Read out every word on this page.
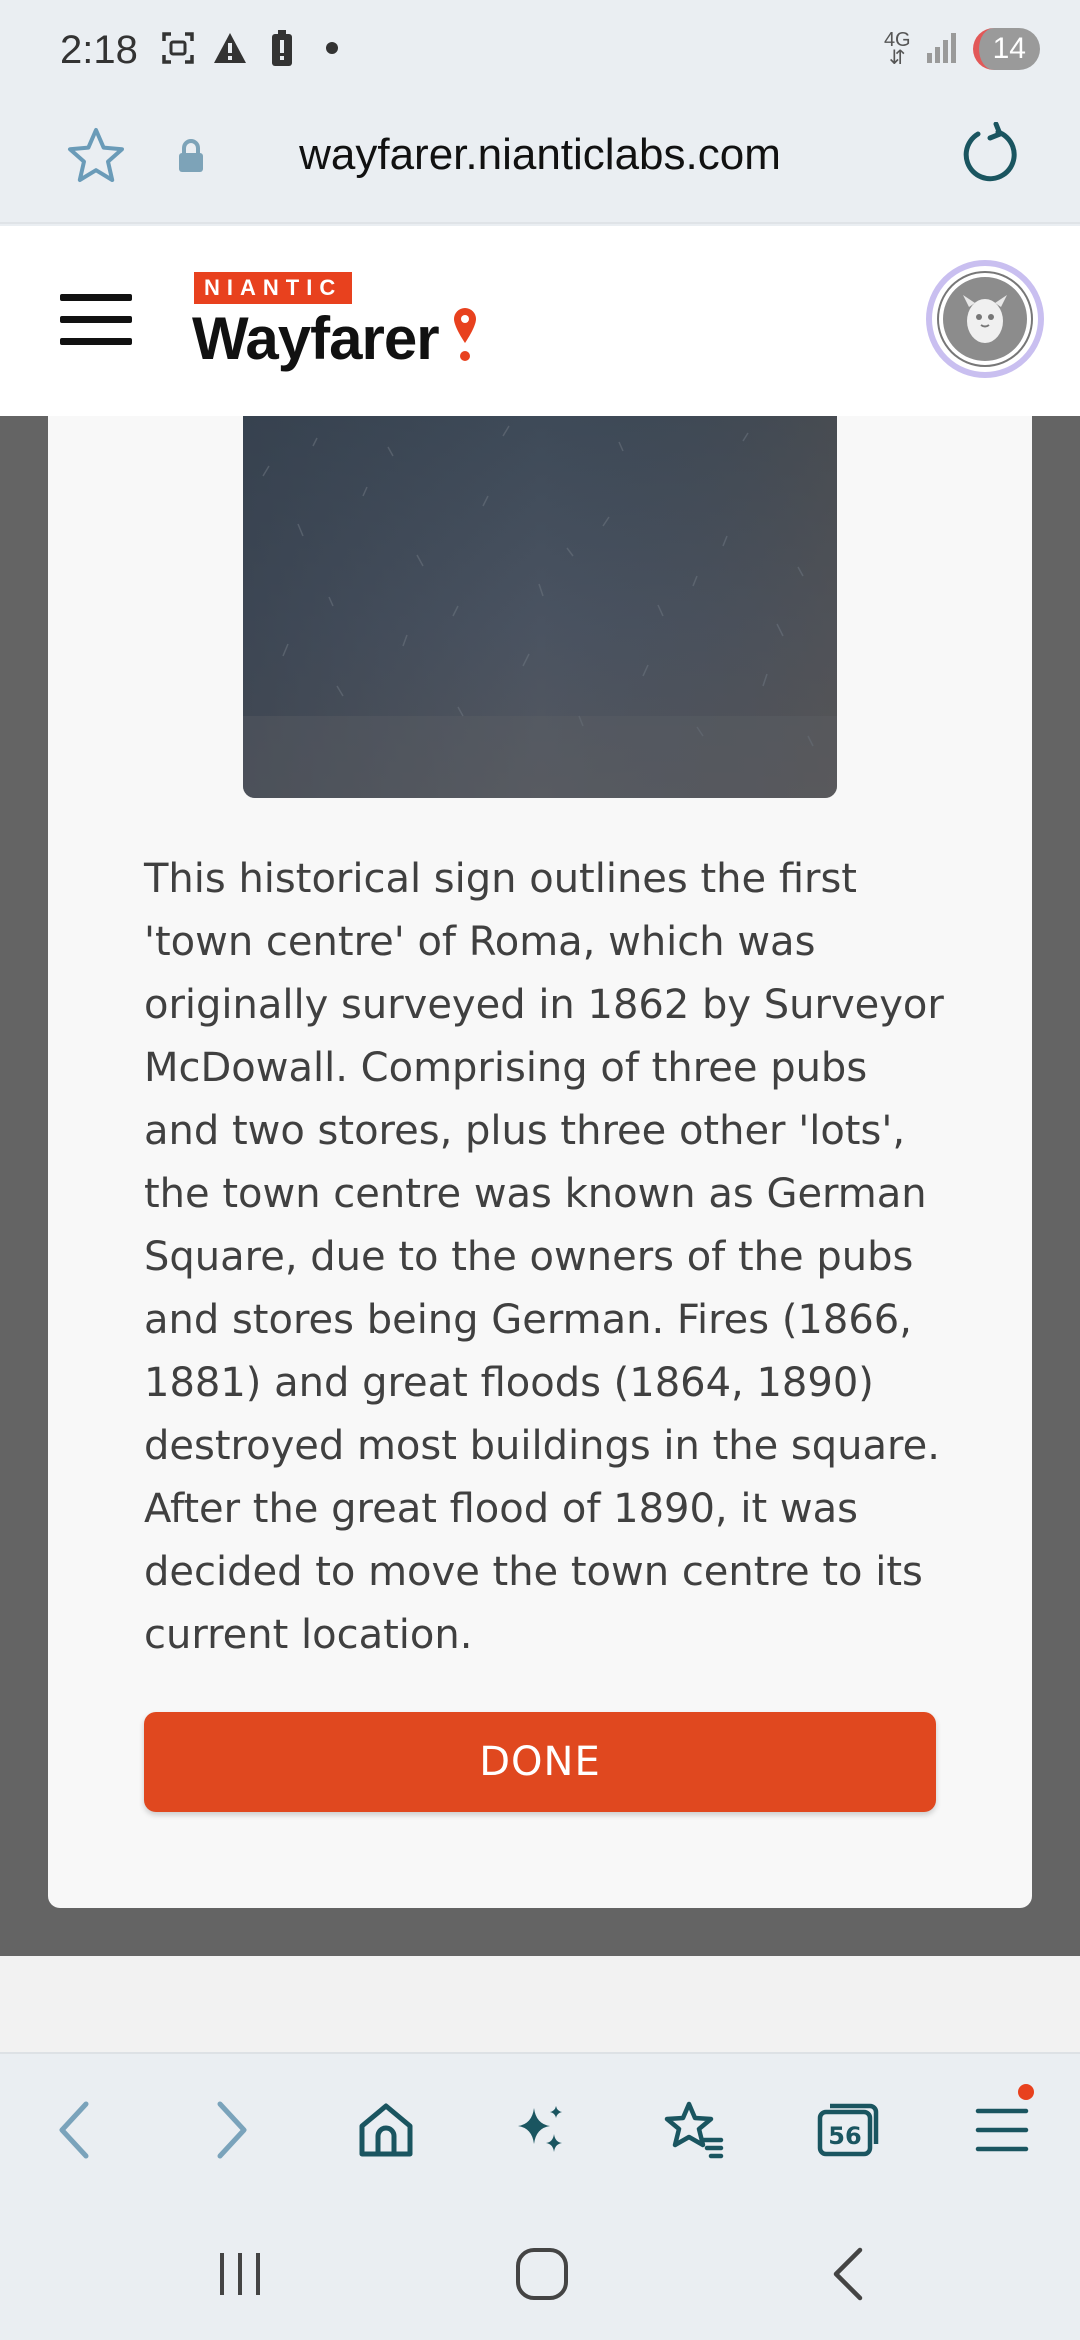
2:18	4G
⇵	14
wayfarer.nianticlabs.com
NIANTIC
Wayfarer
This historical sign outlines the first 'town centre' of Roma, which was originally surveyed in 1862 by Surveyor McDowall. Comprising of three pubs and two stores, plus three other 'lots', the town centre was known as German Square, due to the owners of the pubs and stores being German. Fires (1866, 1881) and great floods (1864, 1890) destroyed most buildings in the square. After the great flood of 1890, it was decided to move the town centre to its current location.
DONE
56
